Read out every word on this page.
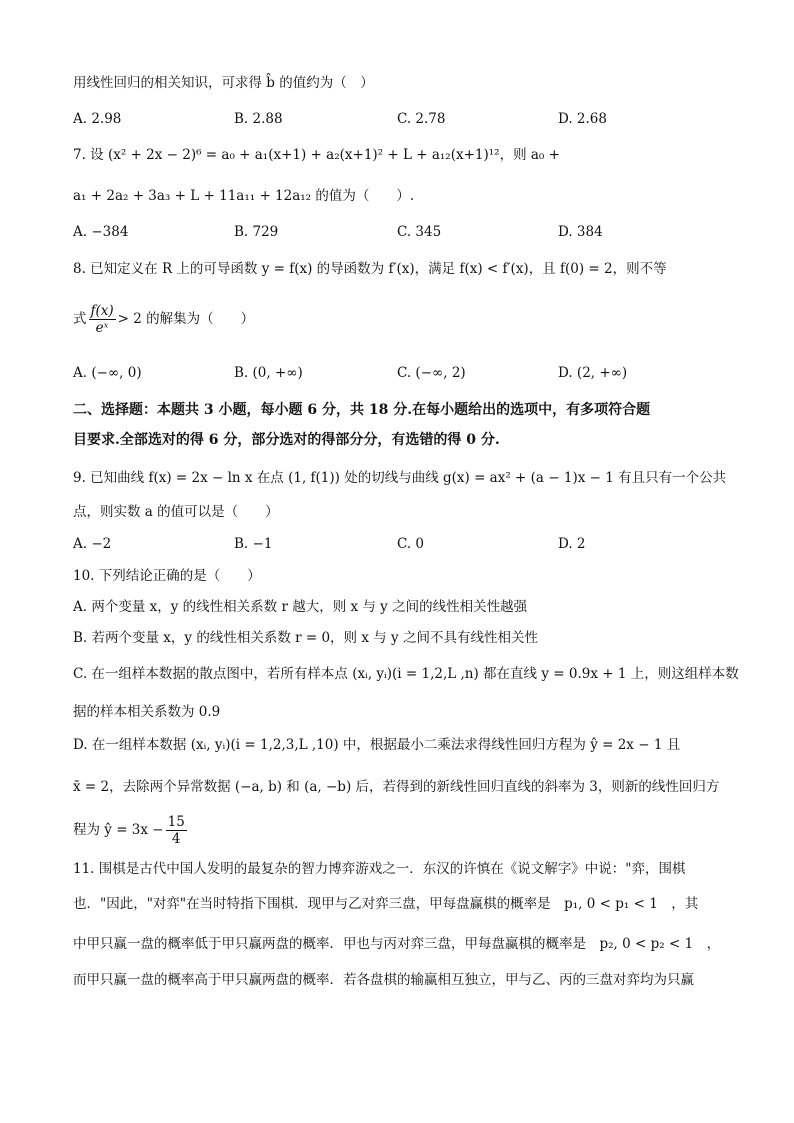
用线性回归的相关知识，可求得 b̂ 的值约为（　）
A. 2.98	B. 2.88	C. 2.78	D. 2.68
7. 设 (x² + 2x − 2)⁶ = a₀ + a₁(x+1) + a₂(x+1)² + L + a₁₂(x+1)¹²，则 a₀ +
a₁ + 2a₂ + 3a₃ + L + 11a₁₁ + 12a₁₂ 的值为（　　）.
A. −384	B. 729	C. 345	D. 384
8. 已知定义在 R 上的可导函数 y = f(x) 的导函数为 f′(x)，满足 f(x) < f′(x)，且 f(0) = 2，则不等
式 $\frac{f(x)}{\text{eˣ}} > 2$ 的解集为（　　）
A. (−∞, 0)	B. (0, +∞)	C. (−∞, 2)	D. (2, +∞)
二、选择题：本题共 3 小题，每小题 6 分，共 18 分.在每小题给出的选项中，有多项符合题
目要求.全部选对的得 6 分，部分选对的得部分分，有选错的得 0 分.
9. 已知曲线 f(x) = 2x − ln x 在点 (1, f(1)) 处的切线与曲线 g(x) = ax² + (a − 1)x − 1 有且只有一个公共
点，则实数 a 的值可以是（　　）
A. −2	B. −1	C. 0	D. 2
10. 下列结论正确的是（　　）
A. 两个变量 x，y 的线性相关系数 r 越大，则 x 与 y 之间的线性相关性越强
B. 若两个变量 x，y 的线性相关系数 r = 0，则 x 与 y 之间不具有线性相关性
C. 在一组样本数据的散点图中，若所有样本点 (xᵢ, yᵢ)(i = 1,2,L ,n) 都在直线 y = 0.9x + 1 上，则这组样本数
据的样本相关系数为 0.9
D. 在一组样本数据 (xᵢ, yᵢ)(i = 1,2,3,L ,10) 中，根据最小二乘法求得线性回归方程为 ŷ = 2x − 1 且
x̄ = 2，去除两个异常数据 (−a, b) 和 (a, −b) 后，若得到的新线性回归直线的斜率为 3，则新的线性回归方
程为 ŷ = $3x - \frac{15}{4}$
11. 围棋是古代中国人发明的最复杂的智力博弈游戏之一．东汉的许慎在《说文解字》中说："弈，围棋
也．"因此，"对弈"在当时特指下围棋．现甲与乙对弈三盘，甲每盘赢棋的概率是　p₁, 0 < p₁ < 1　，其
中甲只赢一盘的概率低于甲只赢两盘的概率．甲也与丙对弈三盘，甲每盘赢棋的概率是　p₂, 0 < p₂ < 1　，
而甲只赢一盘的概率高于甲只赢两盘的概率．若各盘棋的输赢相互独立，甲与乙、丙的三盘对弈均为只赢
